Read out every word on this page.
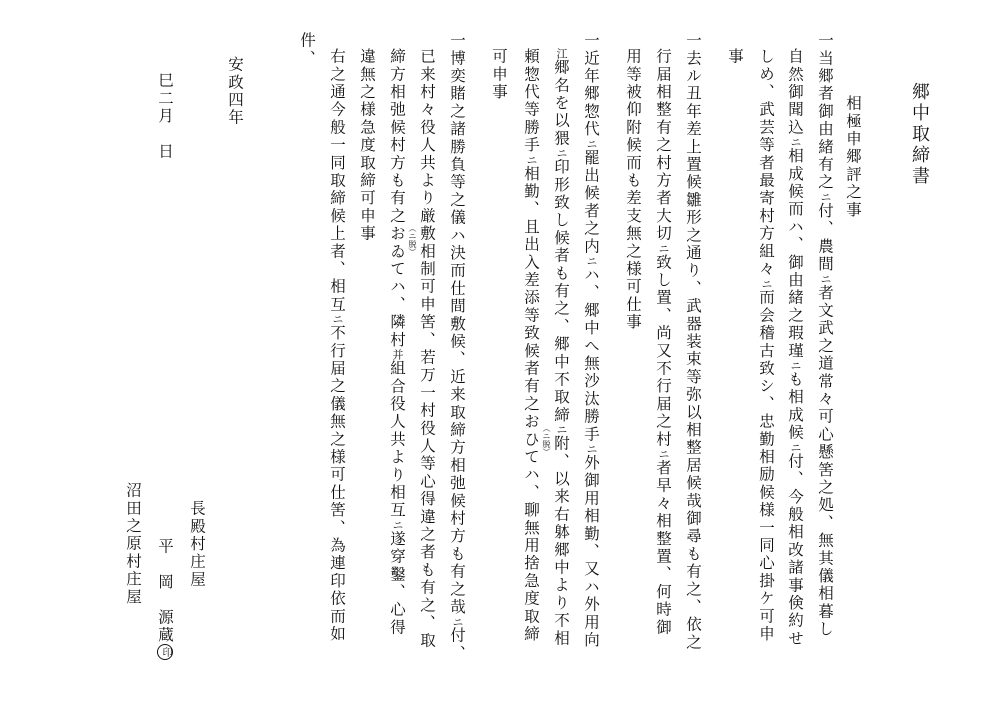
郷中取締書
相極申郷評之事
一当郷者御由緒有之ニ付、農間ニ者文武之道常々可心懸筈之処、無其儀相暮し
自然御聞込ニ相成候而ハ、御由緒之瑕瑾ニも相成候ニ付、今般相改諸事倹約せ
しめ、武芸等者最寄村方組々ニ而会稽古致シ、忠勤相励候様一同心掛ケ可申
事
一去ル丑年差上置候雛形之通り、武器装束等弥以相整居候哉御尋も有之、依之
行届相整有之村方者大切ニ致し置、尚又不行届之村ニ者早々相整置、何時御
用等被仰附候而も差支無之様可仕事
一近年郷惣代ニ罷出候者之内ニハ、郷中へ無沙汰勝手ニ外御用相勤、又ハ外用向
江郷名を以猥ニ印形致し候者も有之、郷中不取締ニ附、以来右躰郷中より不相
（ニ脱）
頼惣代等勝手ニ相勤、且出入差添等致候者有之おひてハ、聊無用捨急度取締
可申事
一博奕賭之諸勝負等之儀ハ決而仕間敷候、近来取締方相弛候村方も有之哉ニ付、
已来村々役人共より厳敷相制可申筈、若万一村役人等心得違之者も有之、取
（ニ脱）
締方相弛候村方も有之おゐてハ、隣村并組合役人共より相互ニ遂穿鑿、心得
違無之様急度取締可申事
右之通今般一同取締候上者、相互ニ不行届之儀無之様可仕筈、為連印依而如
件、
安政四年
巳二月　日
長殿村庄屋
平　岡　源蔵印
沼田之原村庄屋
